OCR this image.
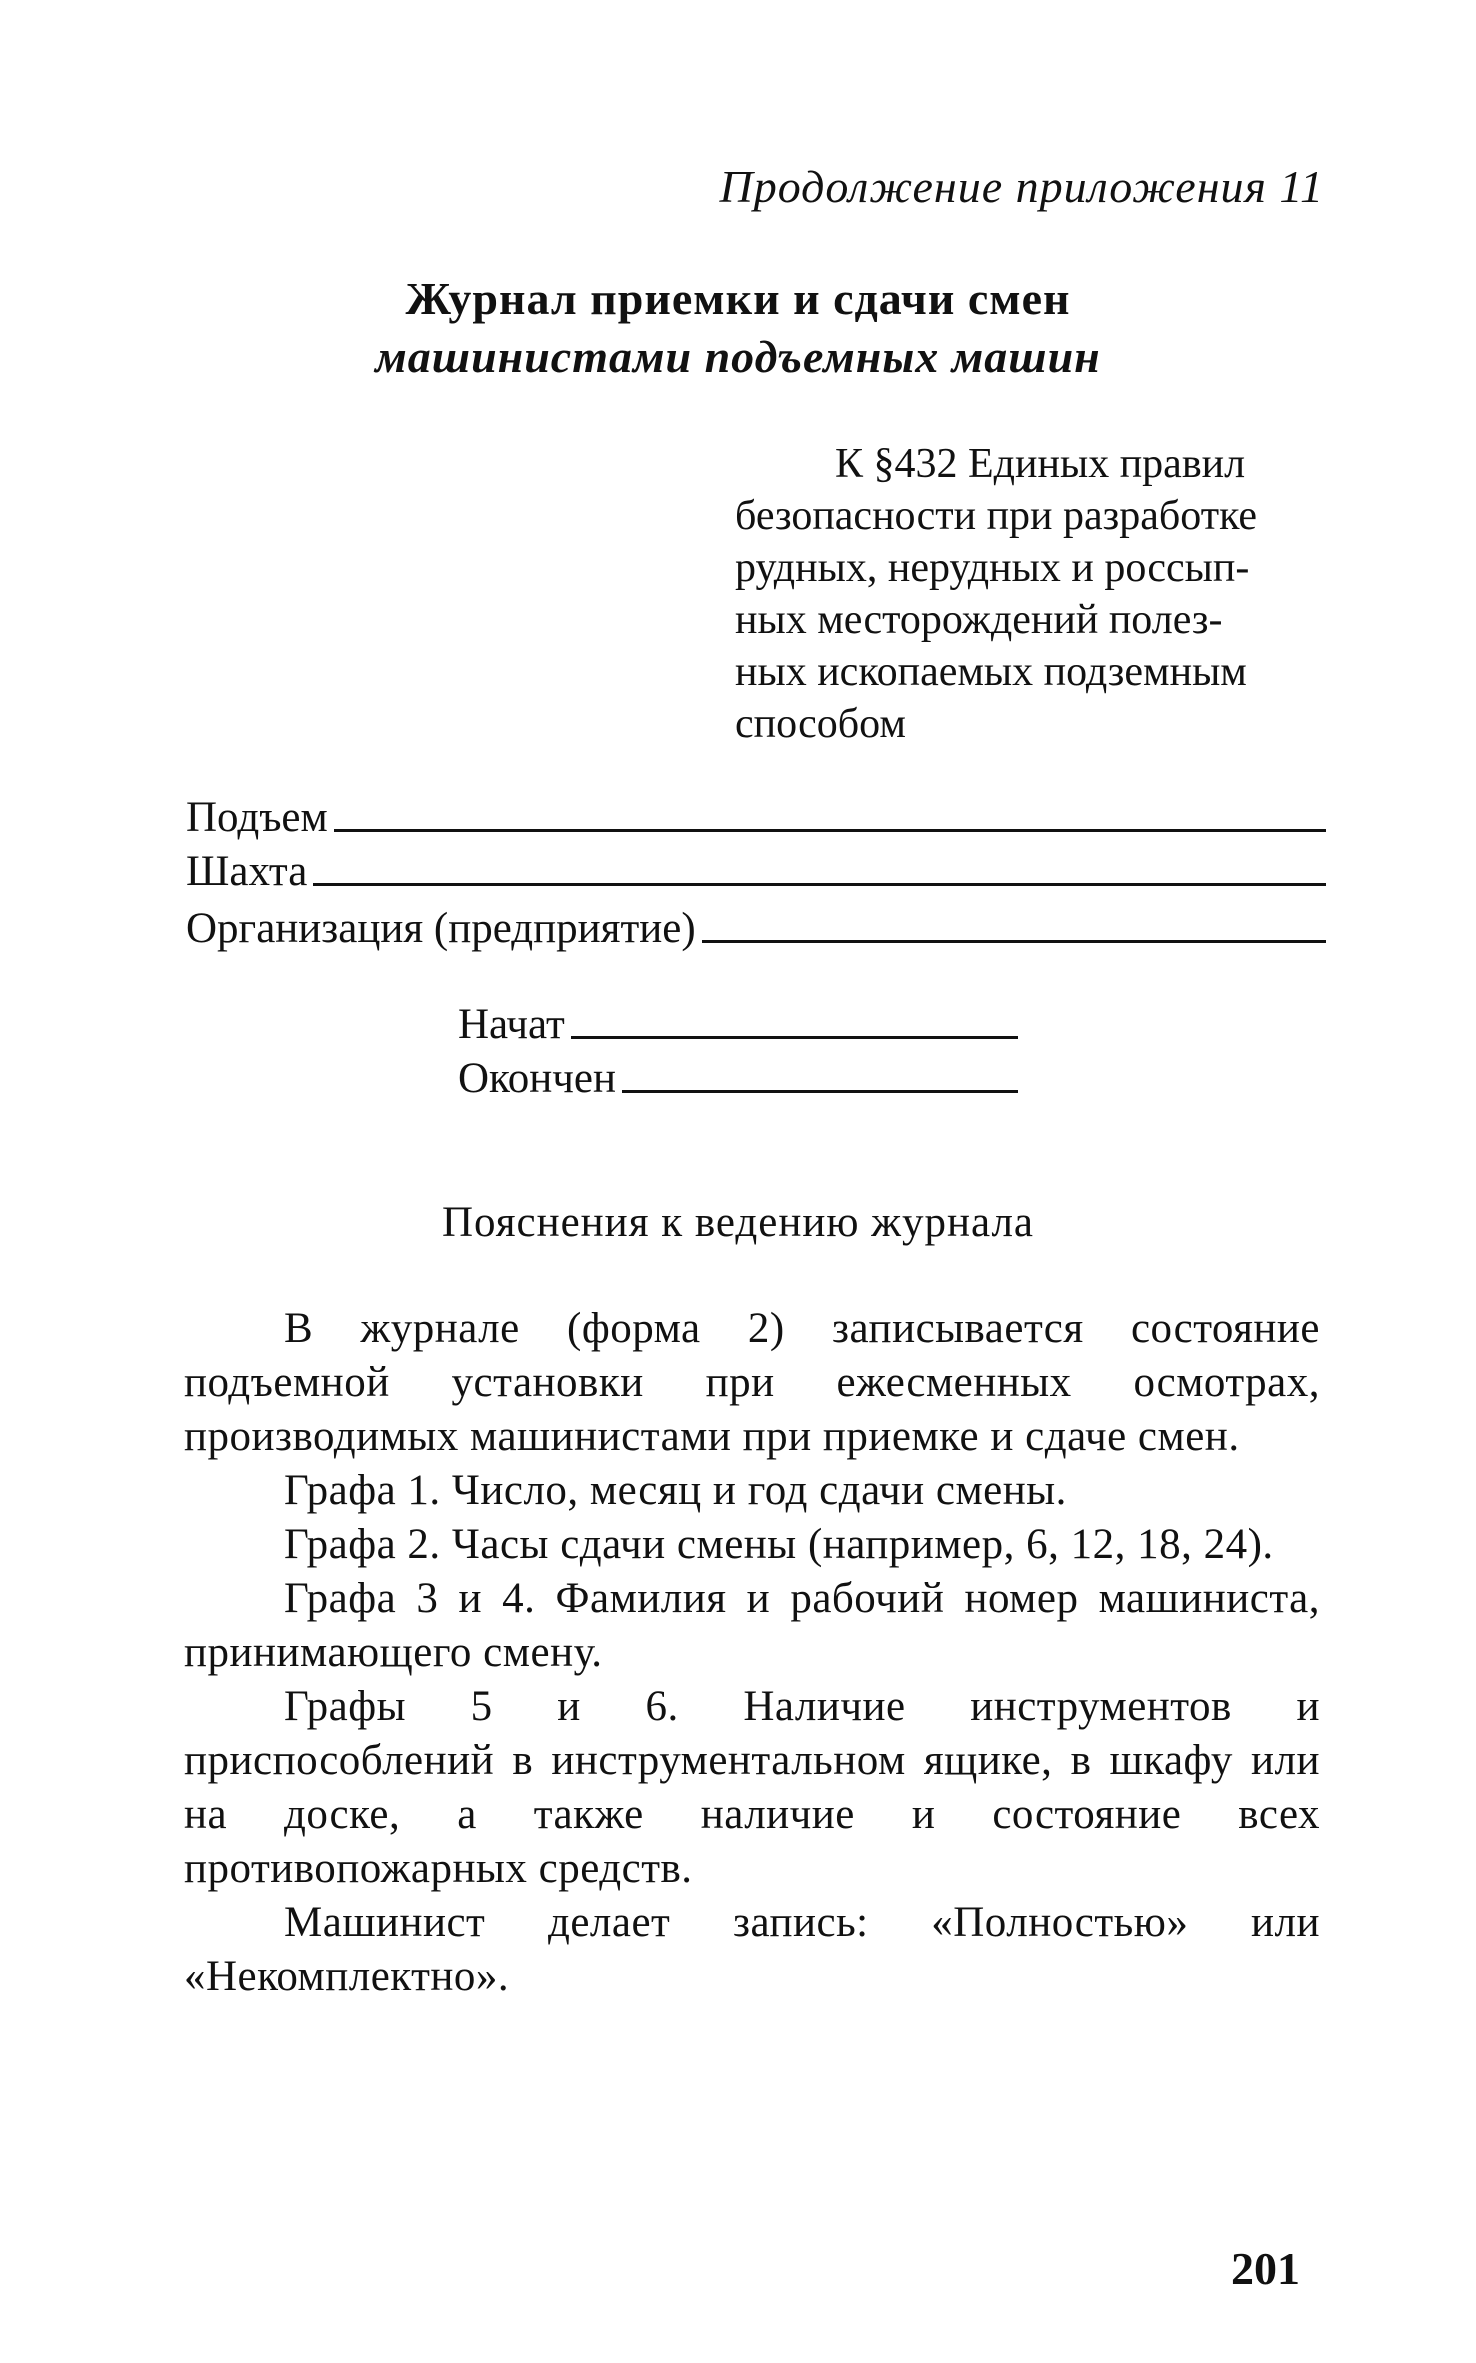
Продолжение приложения 11
Журнал приемки и сдачи смен
машинистами подъемных машин
К §432 Единых правил
безопасности при разработке
рудных, нерудных и россып-
ных месторождений полез-
ных ископаемых подземным
способом
Подъем
Шахта
Организация (предприятие)
Начат
Окончен
Пояснения к ведению журнала

В журнале (форма 2) записывается состояние подъемной установки при ежесменных осмотрах, производимых машинистами при приемке и сдаче смен.

Графа 1. Число, месяц и год сдачи смены.

Графа 2. Часы сдачи смены (например, 6, 12, 18, 24).

Графа 3 и 4. Фамилия и рабочий номер машиниста, принимающего смену.

Графы 5 и 6. Наличие инструментов и приспособлений в инструментальном ящике, в шкафу или на доске, а также наличие и состояние всех противопожарных средств.

Машинист делает запись: «Полностью» или «Некомплектно».

201
